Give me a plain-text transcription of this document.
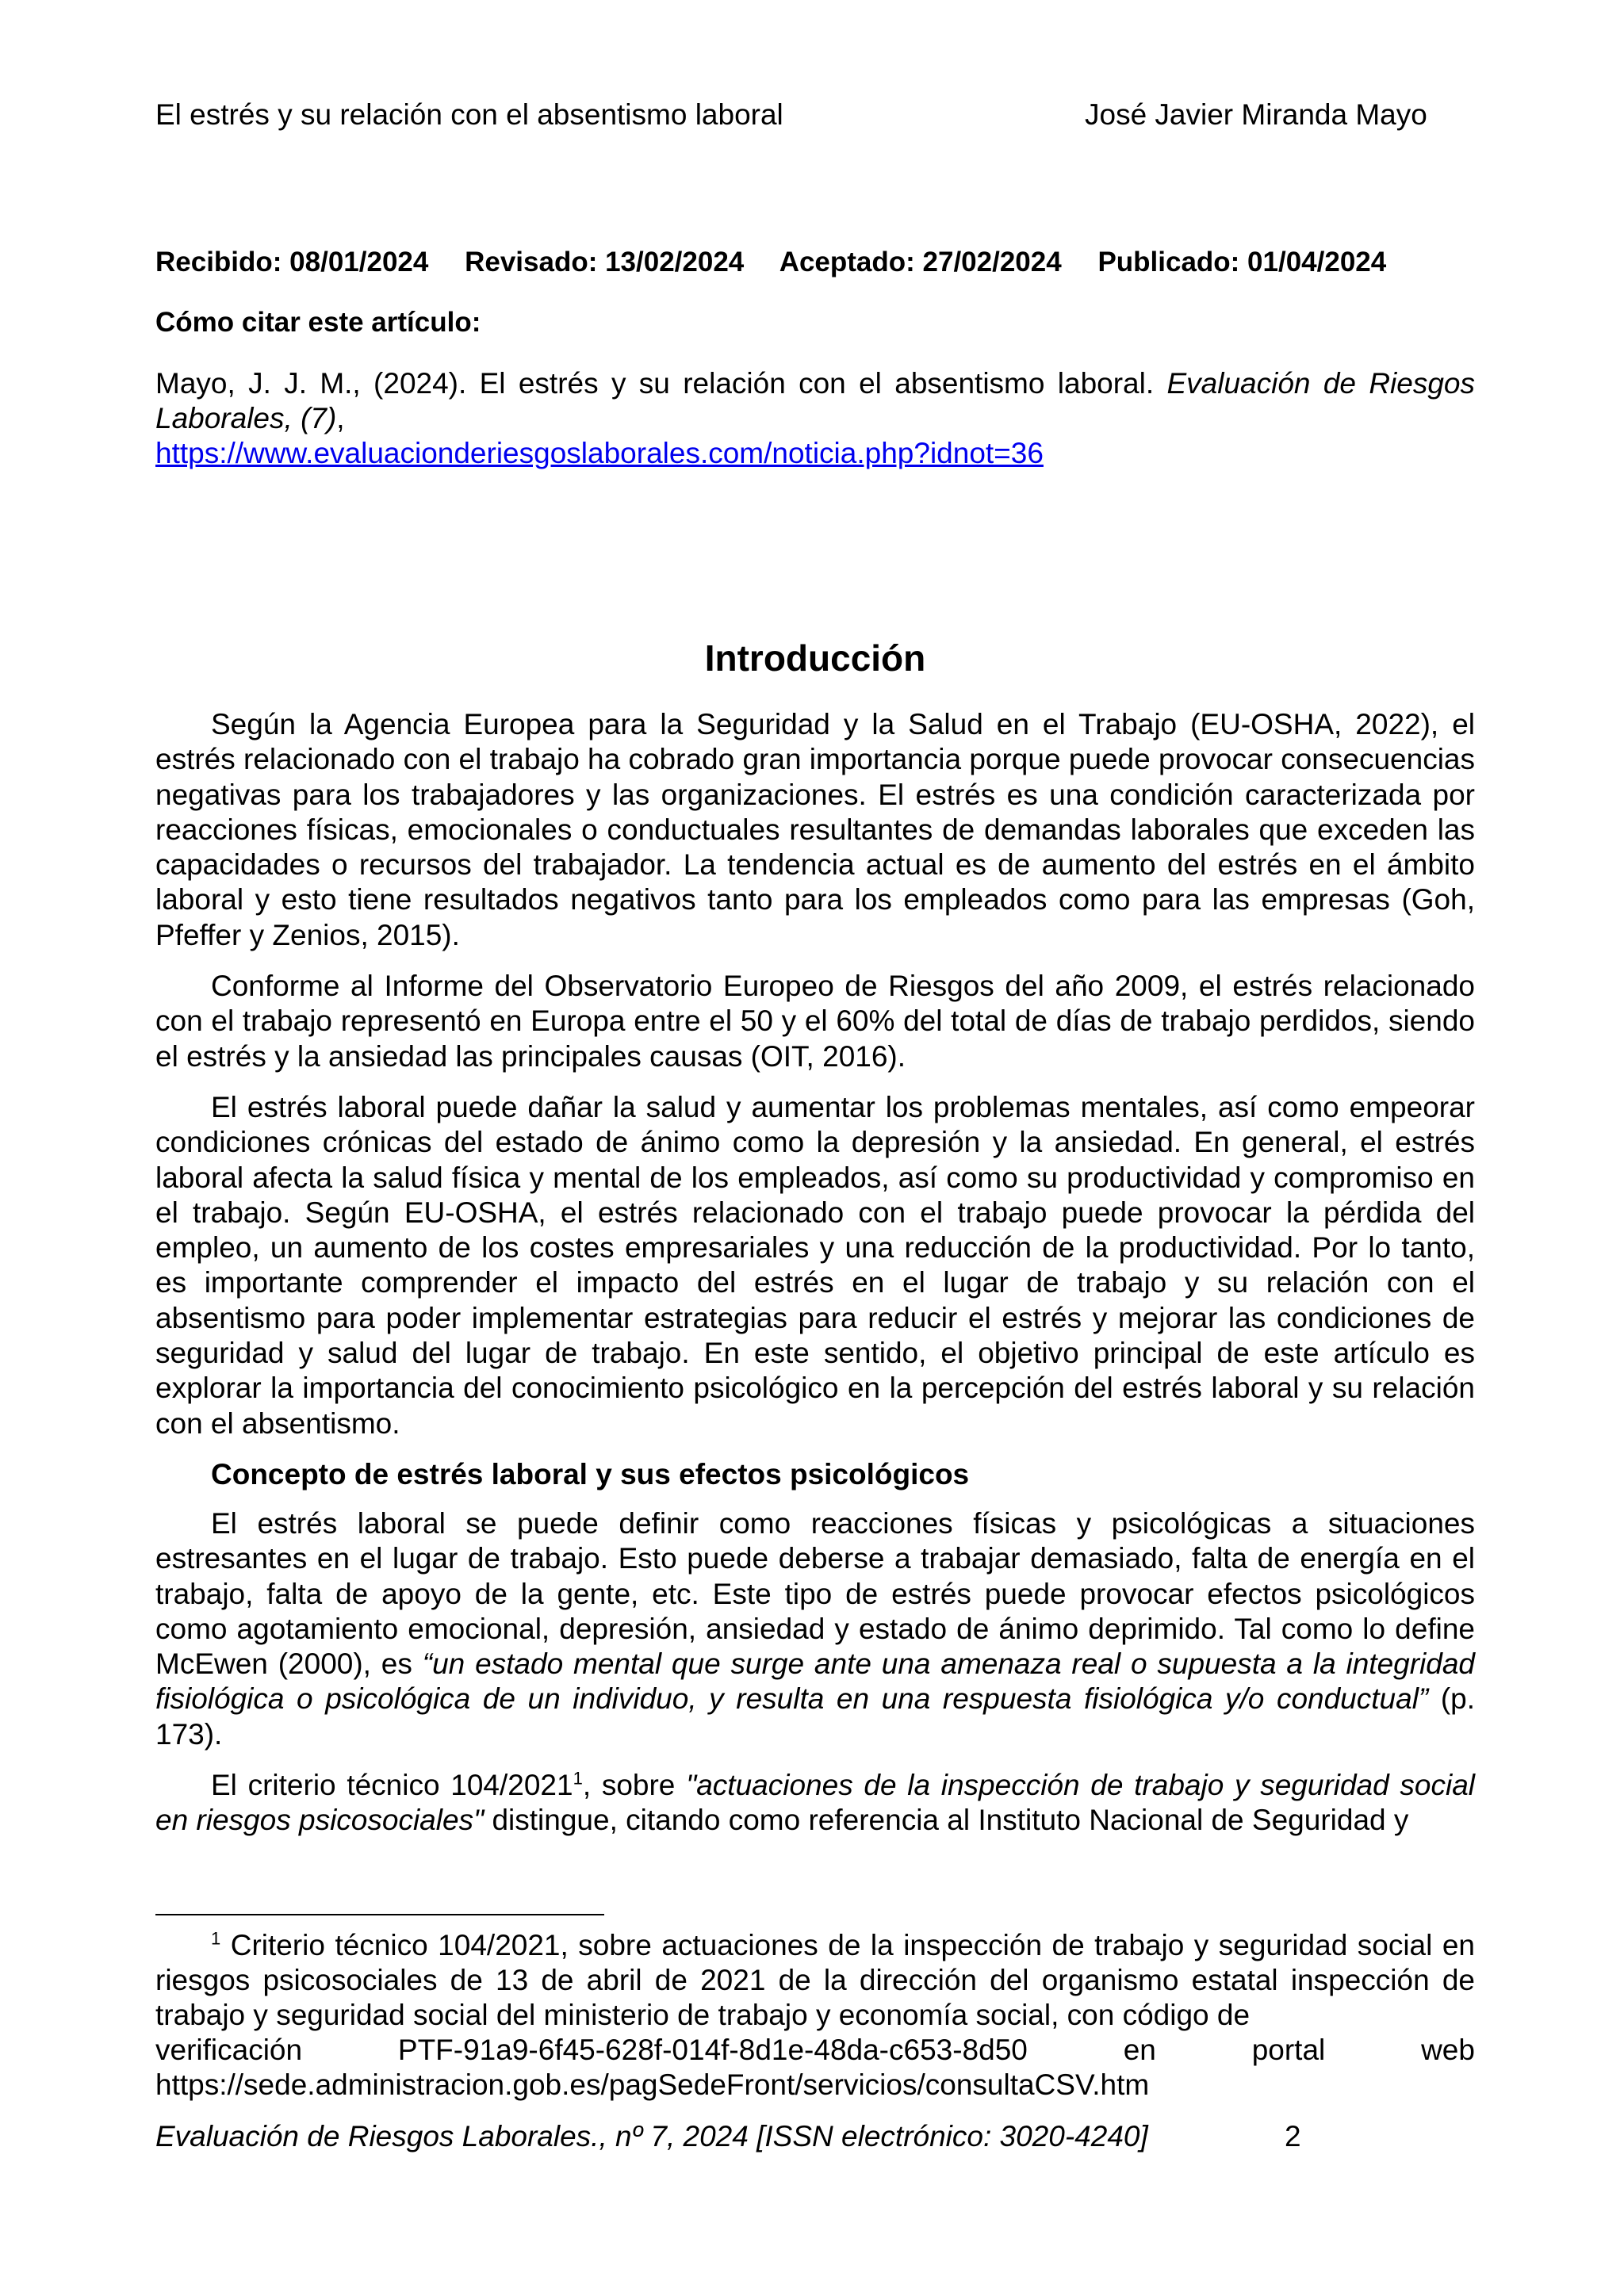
El estrés y su relación con el absentismo laboral	José Javier Miranda Mayo
Recibido: 08/01/2024 Revisado: 13/02/2024 Aceptado: 27/02/2024 Publicado: 01/04/2024
Cómo citar este artículo:
Mayo, J. J. M., (2024). El estrés y su relación con el absentismo laboral. Evaluación de Riesgos Laborales, (7),
https://www.evaluacionderiesgoslaborales.com/noticia.php?idnot=36
Introducción

Según la Agencia Europea para la Seguridad y la Salud en el Trabajo (EU-OSHA, 2022), el estrés relacionado con el trabajo ha cobrado gran importancia porque puede provocar consecuencias negativas para los trabajadores y las organizaciones. El estrés es una condición caracterizada por reacciones físicas, emocionales o conductuales resultantes de demandas laborales que exceden las capacidades o recursos del trabajador. La tendencia actual es de aumento del estrés en el ámbito laboral y esto tiene resultados negativos tanto para los empleados como para las empresas (Goh, Pfeffer y Zenios, 2015).

Conforme al Informe del Observatorio Europeo de Riesgos del año 2009, el estrés relacionado con el trabajo representó en Europa entre el 50 y el 60% del total de días de trabajo perdidos, siendo el estrés y la ansiedad las principales causas (OIT, 2016).

El estrés laboral puede dañar la salud y aumentar los problemas mentales, así como empeorar condiciones crónicas del estado de ánimo como la depresión y la ansiedad. En general, el estrés laboral afecta la salud física y mental de los empleados, así como su productividad y compromiso en el trabajo. Según EU-OSHA, el estrés relacionado con el trabajo puede provocar la pérdida del empleo, un aumento de los costes empresariales y una reducción de la productividad. Por lo tanto, es importante comprender el impacto del estrés en el lugar de trabajo y su relación con el absentismo para poder implementar estrategias para reducir el estrés y mejorar las condiciones de seguridad y salud del lugar de trabajo. En este sentido, el objetivo principal de este artículo es explorar la importancia del conocimiento psicológico en la percepción del estrés laboral y su relación con el absentismo.

Concepto de estrés laboral y sus efectos psicológicos

El estrés laboral se puede definir como reacciones físicas y psicológicas a situaciones estresantes en el lugar de trabajo. Esto puede deberse a trabajar demasiado, falta de energía en el trabajo, falta de apoyo de la gente, etc. Este tipo de estrés puede provocar efectos psicológicos como agotamiento emocional, depresión, ansiedad y estado de ánimo deprimido. Tal como lo define McEwen (2000), es “un estado mental que surge ante una amenaza real o supuesta a la integridad fisiológica o psicológica de un individuo, y resulta en una respuesta fisiológica y/o conductual” (p. 173).

El criterio técnico 104/2021$^1$, sobre "actuaciones de la inspección de trabajo y seguridad social en riesgos psicosociales" distingue, citando como referencia al Instituto Nacional de Seguridad y

$^1$ Criterio técnico 104/2021, sobre actuaciones de la inspección de trabajo y seguridad social en riesgos psicosociales de 13 de abril de 2021 de la dirección del organismo estatal inspección de trabajo y seguridad social del ministerio de trabajo y economía social, con código de

verificación	PTF-91a9-6f45-628f-014f-8d1e-48da-c653-8d50	en	portal	web
https://sede.administracion.gob.es/pagSedeFront/servicios/consultaCSV.htm
Evaluación de Riesgos Laborales., nº 7, 2024 [ISSN electrónico: 3020-4240]	2
